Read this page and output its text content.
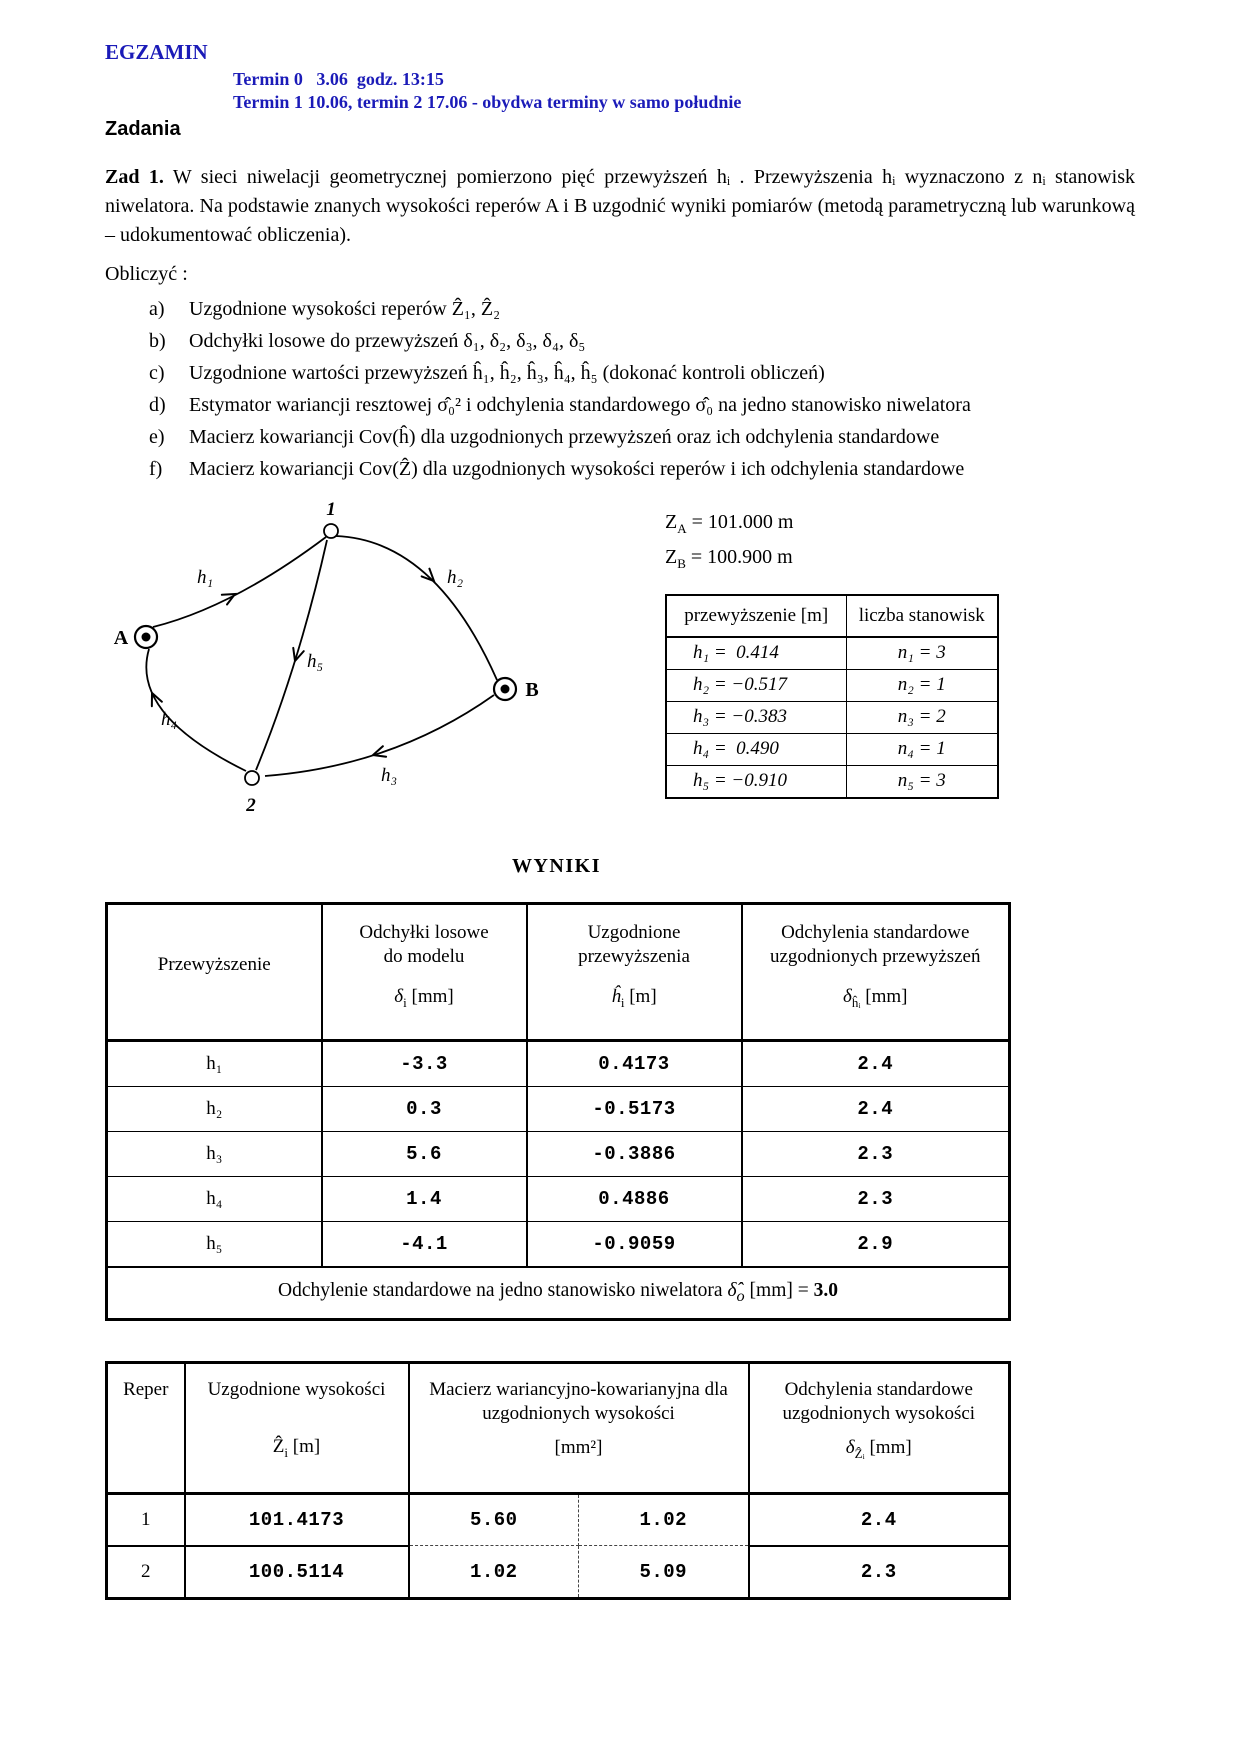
EGZAMIN
Termin 0   3.06  godz. 13:15
Termin 1 10.06, termin 2 17.06 - obydwa terminy w samo południe
Zadania

Zad 1. W sieci niwelacji geometrycznej pomierzono pięć przewyższeń hᵢ . Przewyższenia hᵢ wyznaczono z nᵢ stanowisk niwelatora. Na podstawie znanych wysokości reperów A i B uzgodnić wyniki pomiarów (metodą parametryczną lub warunkową – udokumentować obliczenia).

Obliczyć :
a)	Uzgodnione wysokości reperów Ẑ₁, Ẑ₂
b)	Odchyłki losowe do przewyższeń δ₁, δ₂, δ₃, δ₄, δ₅
c)	Uzgodnione wartości przewyższeń ĥ₁, ĥ₂, ĥ₃, ĥ₄, ĥ₅ (dokonać kontroli obliczeń)
d)	Estymator wariancji resztowej σ̂₀² i odchylenia standardowego σ̂₀ na jedno stanowisko niwelatora
e)	Macierz kowariancji Cov(ĥ) dla uzgodnionych przewyższeń oraz ich odchylenia standardowe
f)	Macierz kowariancji Cov(Ẑ) dla uzgodnionych wysokości reperów i ich odchylenia standardowe
1
2
A
B
h₁	h₂
h₅
h₄
h₃
$Z_A = 101.000$ m
$Z_B = 100.900$ m
przewyższenie [m]	liczba stanowisk
h₁ =  0.414	n₁ = 3
h₂ = −0.517	n₂ = 1
h₃ = −0.383	n₃ = 2
h₄ =  0.490	n₄ = 1
h₅ = −0.910	n₅ = 3
WYNIKI
Przewyższenie

Odchyłki losowe
do modelu
$\delta_i$ [mm]

Uzgodnione
przewyższenia
$ĥ_i$ [m]

Odchylenia standardowe
uzgodnionych przewyższeń
$\delta_{ĥᵢ}$ [mm]

h₁	-3.3	0.4173	2.4
h₂	0.3	-0.5173	2.4
h₃	5.6	-0.3886	2.3
h₄	1.4	0.4886	2.3
h₅	-4.1	-0.9059	2.9
Odchylenie standardowe na jedno stanowisko niwelatora $\deltâ_o$ [mm] = 3.0			
Reper	Uzgodnione wysokości
Ẑ$_i$ [m]

Macierz wariancyjno-kowarianyjna dla
uzgodnionych wysokości
[mm²]

Odchylenia standardowe
uzgodnionych wysokości
$\delta_{Ẑᵢ}$ [mm]

1	101.4173	5.60	1.02	2.4
2	100.5114	1.02	5.09	2.3
